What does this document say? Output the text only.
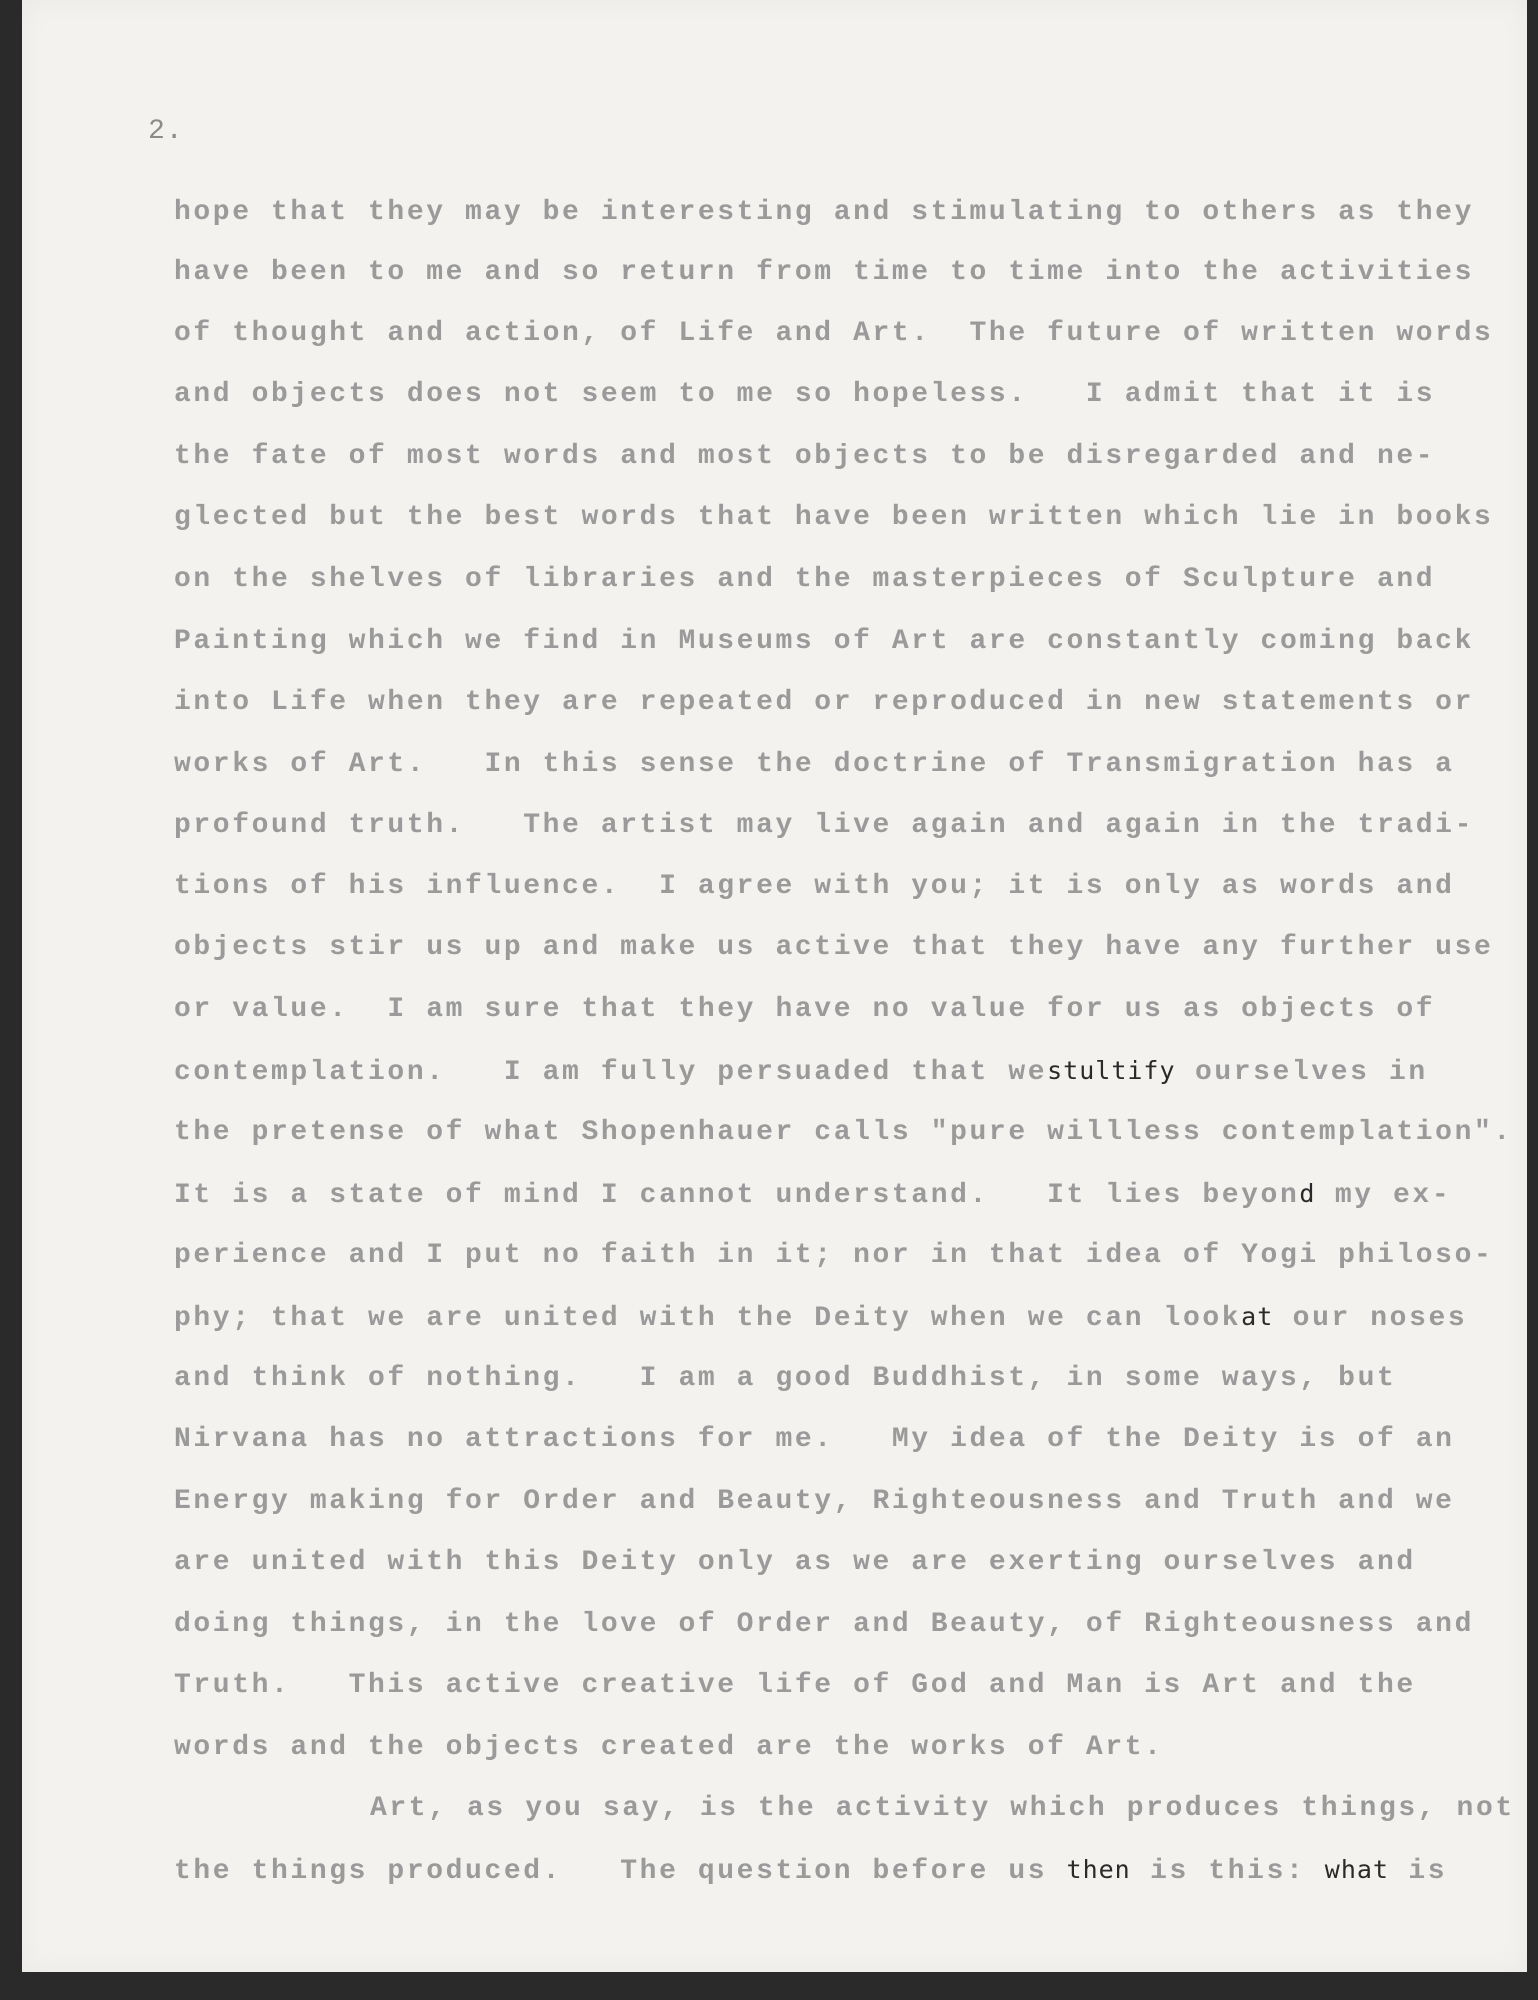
2.
hope that they may be interesting and stimulating to others as they
have been to me and so return from time to time into the activities
of thought and action, of Life and Art.  The future of written words
and objects does not seem to me so hopeless.   I admit that it is
the fate of most words and most objects to be disregarded and ne-
glected but the best words that have been written which lie in books
on the shelves of libraries and the masterpieces of Sculpture and
Painting which we find in Museums of Art are constantly coming back
into Life when they are repeated or reproduced in new statements or
works of Art.   In this sense the doctrine of Transmigration has a
profound truth.   The artist may live again and again in the tradi-
tions of his influence.  I agree with you; it is only as words and
objects stir us up and make us active that they have any further use
or value.  I am sure that they have no value for us as objects of
contemplation.   I am fully persuaded that westultify ourselves in
the pretense of what Shopenhauer calls "pure willless contemplation".
It is a state of mind I cannot understand.   It lies beyond my ex-
perience and I put no faith in it; nor in that idea of Yogi philoso-
phy; that we are united with the Deity when we can lookat our noses
and think of nothing.   I am a good Buddhist, in some ways, but
Nirvana has no attractions for me.   My idea of the Deity is of an
Energy making for Order and Beauty, Righteousness and Truth and we
are united with this Deity only as we are exerting ourselves and
doing things, in the love of Order and Beauty, of Righteousness and
Truth.   This active creative life of God and Man is Art and the
words and the objects created are the works of Art.
Art, as you say, is the activity which produces things, not
the things produced.   The question before us then is this: what is
